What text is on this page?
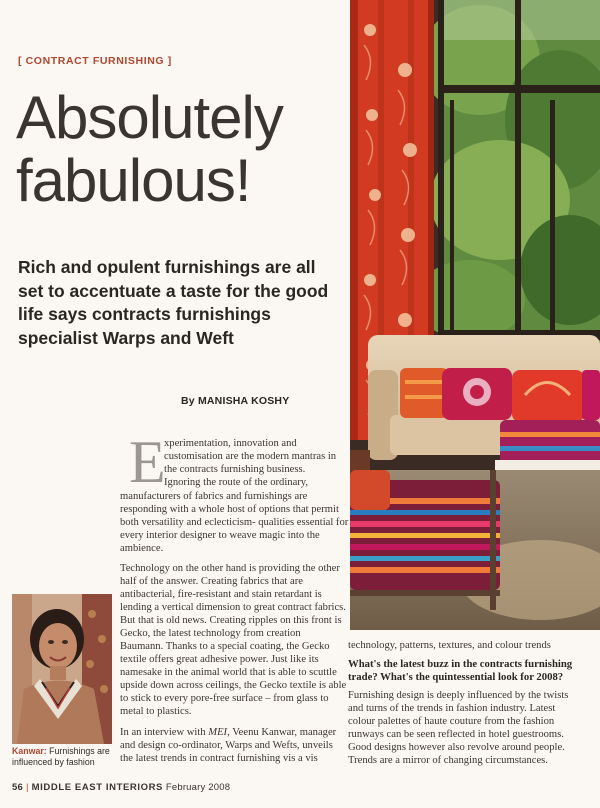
[ CONTRACT FURNISHING ]
Absolutely
fabulous!
Rich and opulent furnishings are all set to accentuate a taste for the good life says contracts furnishings specialist Warps and Weft
By MANISHA KOSHY
E
xperimentation, innovation and
customisation are the modern mantras in
the contracts furnishing business.
Ignoring the route of the ordinary,
manufacturers of fabrics and furnishings are
responding with a whole host of options that permit
both versatility and eclecticism- qualities essential for
every interior designer to weave magic into the
ambience.
Technology on the other hand is providing the other
half of the answer. Creating fabrics that are
antibacterial, fire-resistant and stain retardant is
lending a vertical dimension to great contract fabrics.
But that is old news. Creating ripples on this front is
Gecko, the latest technology from creation
Baumann. Thanks to a special coating, the Gecko
textile offers great adhesive power. Just like its
namesake in the animal world that is able to scuttle
upside down across ceilings, the Gecko textile is able
to stick to every pore-free surface – from glass to
metal to plastics.
In an interview with MEI, Veenu Kanwar, manager
and design co-ordinator, Warps and Wefts, unveils
the latest trends in contract furnishing vis a vis
technology, patterns, textures, and colour trends
What's the latest buzz in the contracts furnishing
trade? What's the quintessential look for 2008?
Furnishing design is deeply influenced by the twists
and turns of the trends in fashion industry. Latest
colour palettes of haute couture from the fashion
runways can be seen reflected in hotel guestrooms.
Good designs however also revolve around people.
Trends are a mirror of changing circumstances.
Kanwar: Furnishings are
influenced by fashion
56 | MIDDLE EAST INTERIORS February 2008
